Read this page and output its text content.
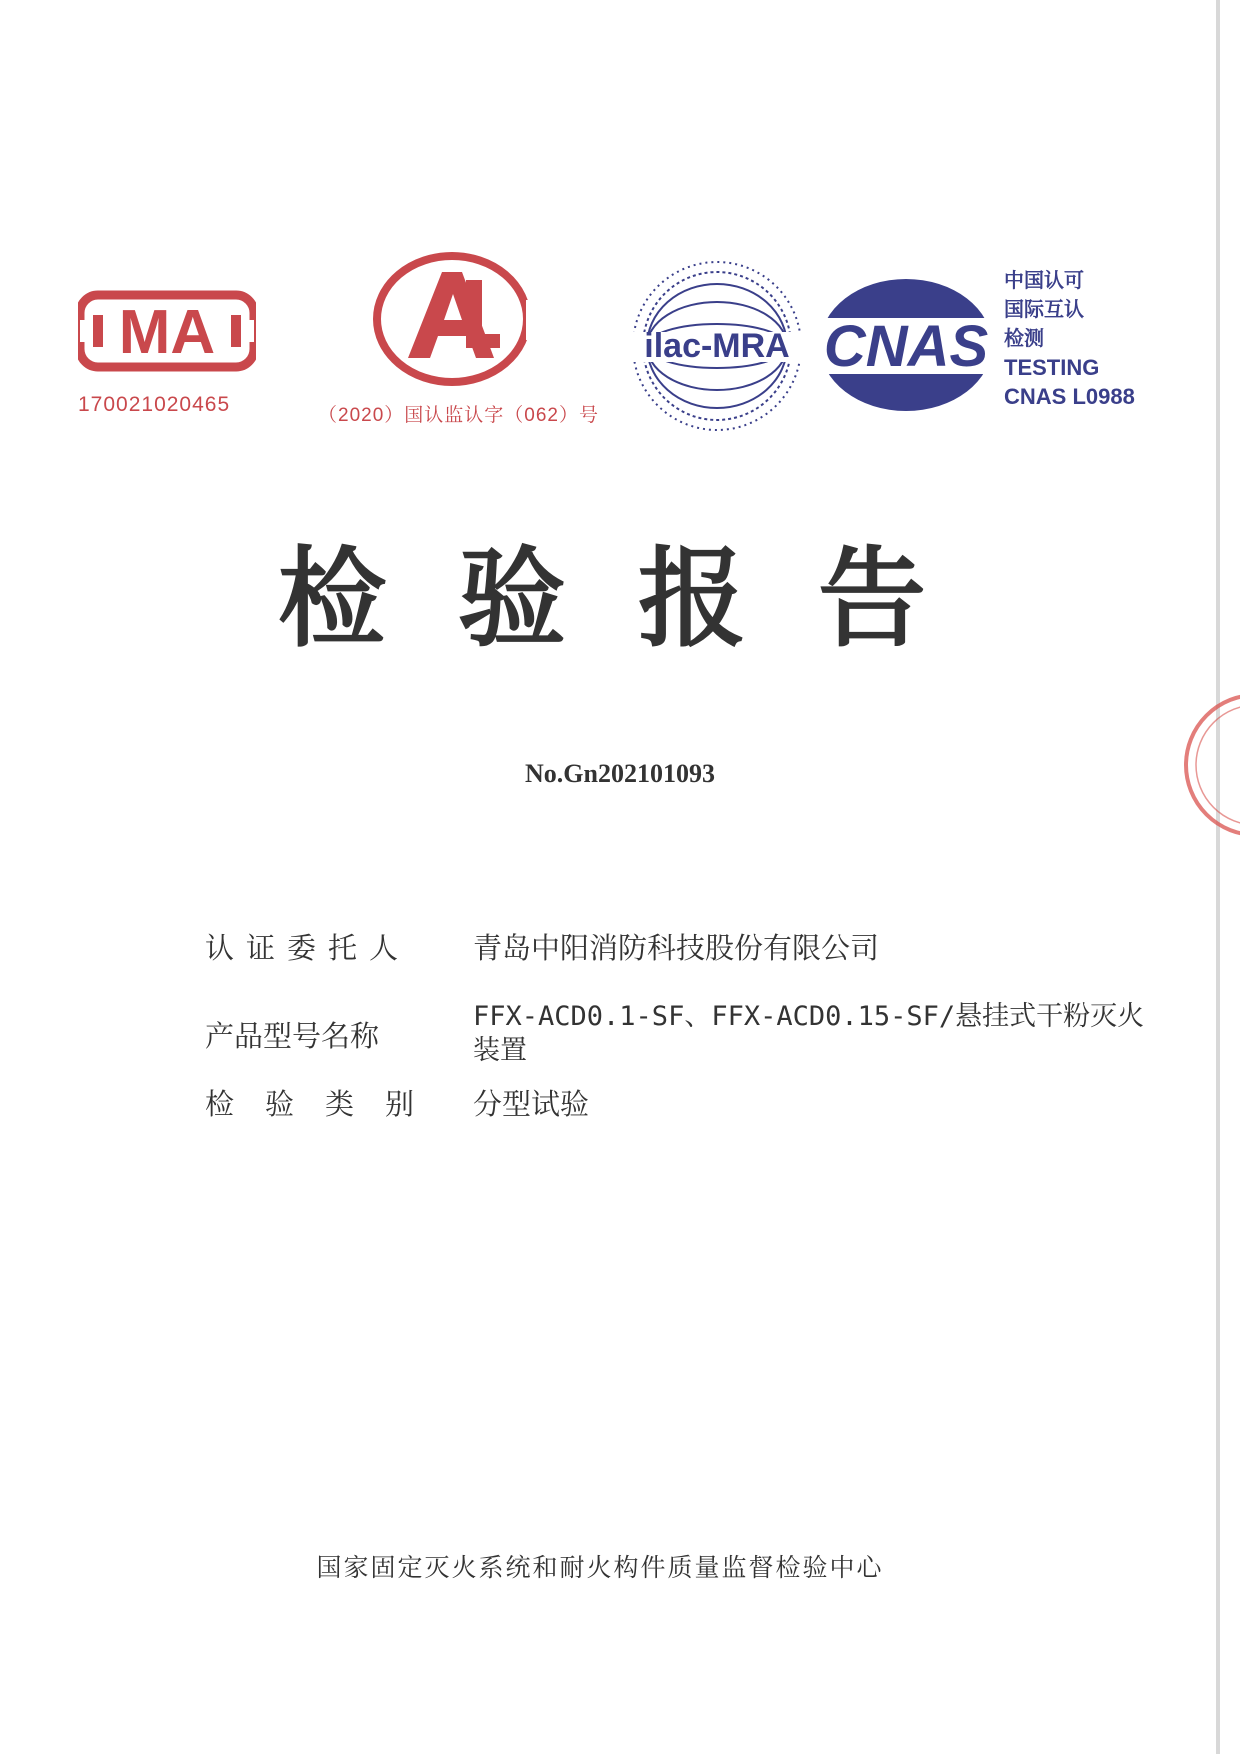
MA
170021020465	（2020）国认监认字（062）号
ilac-MRA CNAS
中国认可
国际互认
检测
TESTING
CNAS L0988
检验报告
No.Gn202101093
认证委托人 青岛中阳消防科技股份有限公司
产品型号名称
FFX-ACD0.1-SF、FFX-ACD0.15-SF/悬挂式干粉灭火装置
检验类别 分型试验
国家固定灭火系统和耐火构件质量监督检验中心
